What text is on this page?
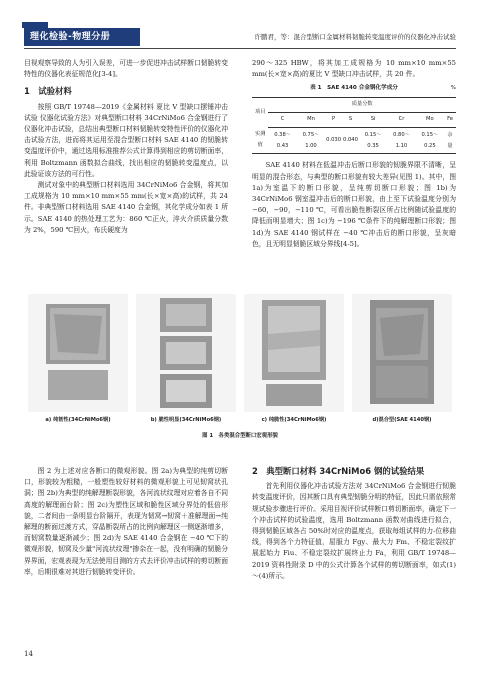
理化检验-物理分册	许鹏君，等：混合型断口金属材料韧脆转变温度评价的仪器化冲击试验

目视观察导致的人为引入误差，可进一步促进冲击试样断口韧脆转变特性的仪器化表征规范化[3-4]。

1　试验材料

按照 GB/T 19748—2019《金属材料 夏比 V 型缺口摆锤冲击试验 仪器化试验方法》对典型断口材料 34CrNiMo6 合金钢进行了仪器化冲击试验，总结出典型断口材料韧脆转变特性评价的仪器化冲击试验方法，进而将其运用至混合型断口材料 SAE 4140 的韧脆转变温度评价中，通过选用标准推荐公式计算得到相应的剪切断面率，利用 Boltzmann 函数拟合曲线，找出相应的韧脆转变温度点，以此验证该方法的可行性。

测试对象中的典型断口材料选用 34CrNiMo6 合金钢，将其加工成规格为 10 mm×10 mm×55 mm(长×宽×高)的试样，共 24 件。非典型断口材料选用 SAE 4140 合金钢，其化学成分如表 1 所示。SAE 4140 的热处理工艺为：860 ℃正火，淬火介质质量分数为 2%，590 ℃回火，布氏硬度为

290～325 HBW，将其加工成规格为 10 mm×10 mm×55 mm(长×宽×高)的夏比 V 型缺口冲击试样，共 20 件。

表 1　SAE 4140 合金钢化学成分	%
项目	质量分数							
	C	Mn	P	S	Si	Cr	Mo	Fe
实测值	0.38～0.43	0.75～1.00	0.030	0.040	0.15～0.35	0.80～1.10	0.15～0.25	余量

SAE 4140 材料在低温冲击后断口形貌的韧脆界限不清晰，呈明显的混合形态，与典型的断口形貌有较大差异(见图 1)。其中，图 1a)为室温下的断口形貌，呈纯剪切断口形貌；图 1b)为 34CrNiMo6 钢室温冲击后的断口形貌，由上至下试验温度分别为 −60，−90，−110 ℃，可看出脆性断裂区所占比例随试验温度的降低而明显增大；图 1c)为 −196 ℃条件下的纯解理断口形貌；图 1d)为 SAE 4140 钢试样在 −40 ℃冲击后的断口形貌，呈灰暗色，且无明显韧脆区域分界线[4-5]。

a) 纯韧性(34CrNiMo6钢)	b) 脆性明显(34CrNiMo6钢)	c) 纯脆性(34CrNiMo6钢)	d)混合型(SAE 4140钢)
图 1　各类混合型断口宏观形貌

图 2 为上述对应各断口的微观形貌。图 2a)为典型的纯剪切断口，形貌较为粗糙，一般塑性较好材料的微观形貌上可见韧窝状孔洞；图 2b)为典型的纯解理断裂形貌，各河流状纹理对应着各自不同高度的解理面台阶；图 2c)为塑性区域和脆性区域分界处的低倍形貌，二者间由一条明显台阶隔开，表现为韧窝→韧窝＋准解理面→纯解理的断面过渡方式，穿晶断裂所占的比例向解理区一侧逐渐增多，而韧窝数量逐渐减少；图 2d)为 SAE 4140 合金钢在 −40 ℃下的微观形貌，韧窝及少量"河流状纹理"掺杂在一起，没有明确的韧脆分界界面，宏观表现为无法使用目测的方式去评价冲击试样的剪切断面率，后期很难对其进行韧脆转变评价。

2　典型断口材料 34CrNiMo6 钢的试验结果

首先利用仪器化冲击试验方法对 34CrNiMo6 合金钢进行韧脆转变温度评价，因其断口具有典型韧脆分明的特征，因此只需依照常规试验步骤进行评价。采用目视评价试样断口剪切断面率，确定下一个冲击试样的试验温度，选用 Boltzmann 函数对曲线进行拟合，得到韧脆区域各占 50%时对应的温度点，获取每组试样的力-位移曲线，得到各个力特征值，屈服力 Fgy、最大力 Fm、不稳定裂纹扩展起始力 Fiu、不稳定裂纹扩展终止力 Fa，利用 GB/T 19748—2019 资料性附录 D 中的公式计算各个试样的剪切断面率，如式(1)～(4)所示。

14
